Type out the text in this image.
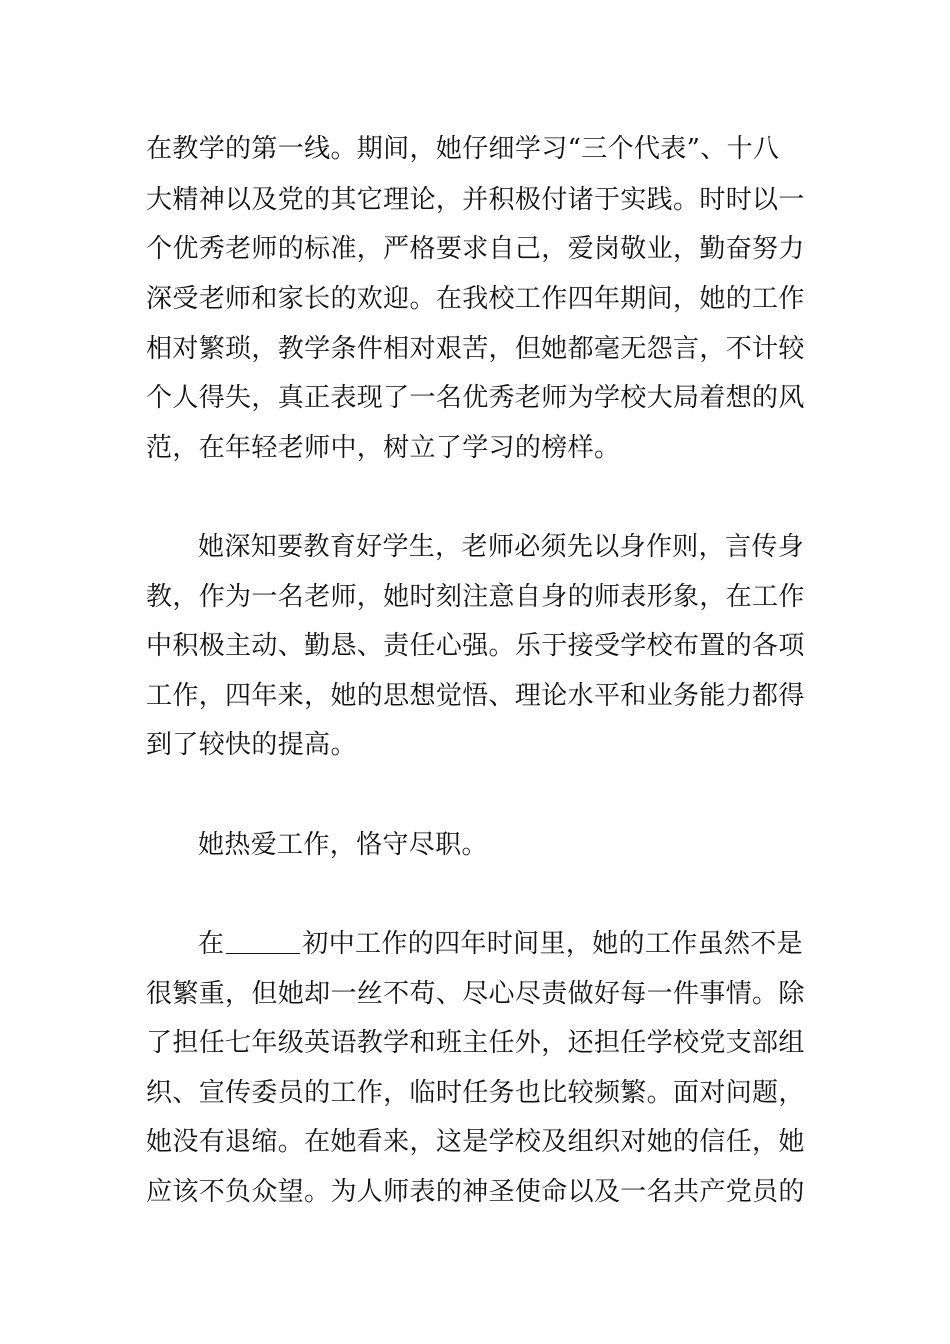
在教学的第一线。期间，她仔细学习“三个代表”、十八
大精神以及党的其它理论，并积极付诸于实践。时时以一
个优秀老师的标准，严格要求自己，爱岗敬业，勤奋努力
深受老师和家长的欢迎。在我校工作四年期间，她的工作
相对繁琐，教学条件相对艰苦，但她都毫无怨言，不计较
个人得失，真正表现了一名优秀老师为学校大局着想的风
范，在年轻老师中，树立了学习的榜样。
她深知要教育好学生，老师必须先以身作则，言传身
教，作为一名老师，她时刻注意自身的师表形象，在工作
中积极主动、勤恳、责任心强。乐于接受学校布置的各项
工作，四年来，她的思想觉悟、理论水平和业务能力都得
到了较快的提高。
她热爱工作，恪守尽职。
在	初中工作的四年时间里，她的工作虽然不是
很繁重，但她却一丝不苟、尽心尽责做好每一件事情。除
了担任七年级英语教学和班主任外，还担任学校党支部组
织、宣传委员的工作，临时任务也比较频繁。面对问题，
她没有退缩。在她看来，这是学校及组织对她的信任，她
应该不负众望。为人师表的神圣使命以及一名共产党员的
